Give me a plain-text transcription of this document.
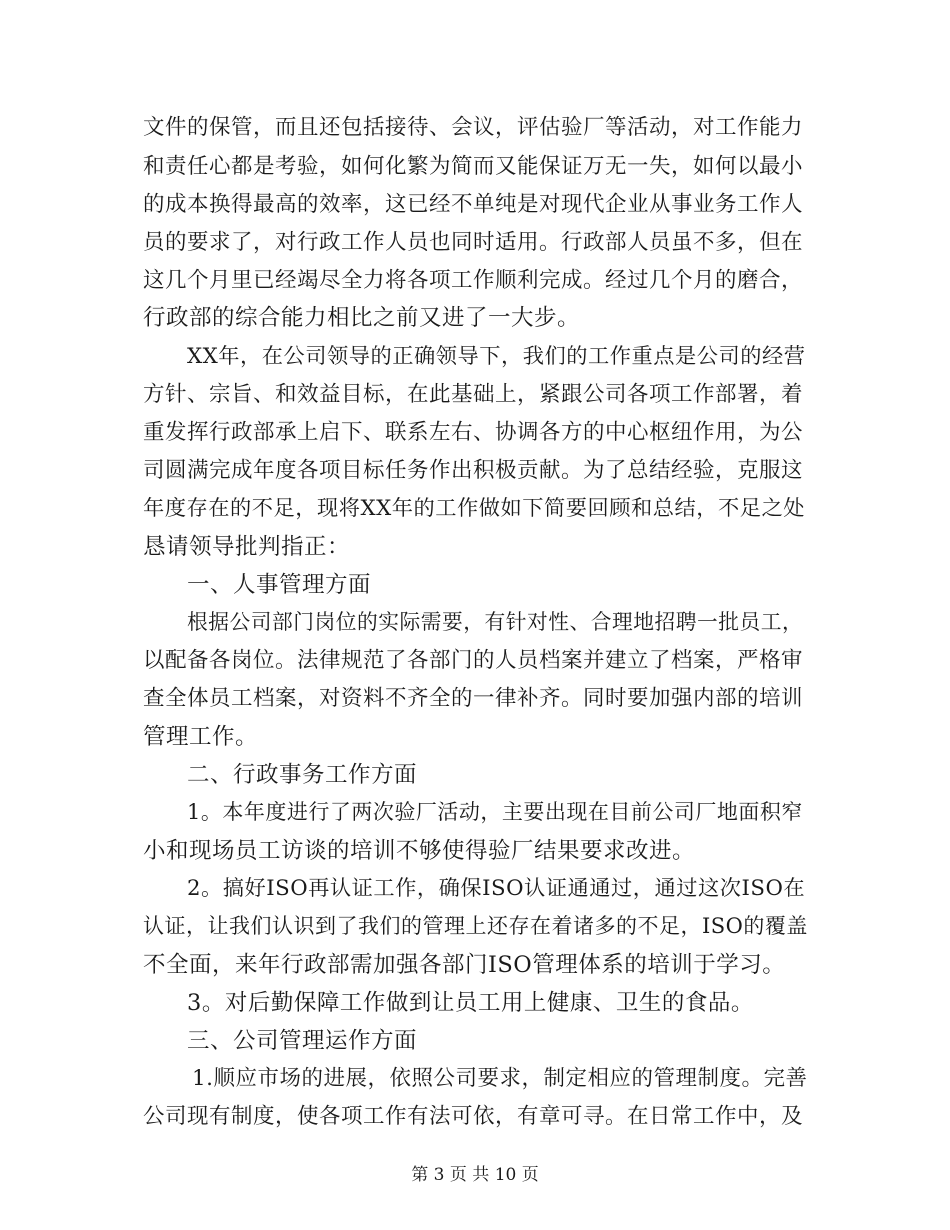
文件的保管，而且还包括接待、会议，评估验厂等活动，对工作能力
和责任心都是考验，如何化繁为简而又能保证万无一失，如何以最小
的成本换得最高的效率，这已经不单纯是对现代企业从事业务工作人
员的要求了，对行政工作人员也同时适用。行政部人员虽不多，但在
这几个月里已经竭尽全力将各项工作顺利完成。经过几个月的磨合，
行政部的综合能力相比之前又进了一大步。
XX年，在公司领导的正确领导下，我们的工作重点是公司的经营
方针、宗旨、和效益目标，在此基础上，紧跟公司各项工作部署，着
重发挥行政部承上启下、联系左右、协调各方的中心枢纽作用，为公
司圆满完成年度各项目标任务作出积极贡献。为了总结经验，克服这
年度存在的不足，现将XX年的工作做如下简要回顾和总结，不足之处
恳请领导批判指正：
一、人事管理方面
根据公司部门岗位的实际需要，有针对性、合理地招聘一批员工，
以配备各岗位。法律规范了各部门的人员档案并建立了档案，严格审
查全体员工档案，对资料不齐全的一律补齐。同时要加强内部的培训
管理工作。
二、行政事务工作方面
1。本年度进行了两次验厂活动，主要出现在目前公司厂地面积窄
小和现场员工访谈的培训不够使得验厂结果要求改进。
2。搞好ISO再认证工作，确保ISO认证通通过，通过这次ISO在
认证，让我们认识到了我们的管理上还存在着诸多的不足，ISO的覆盖
不全面，来年行政部需加强各部门ISO管理体系的培训于学习。
3。对后勤保障工作做到让员工用上健康、卫生的食品。
三、公司管理运作方面
1.顺应市场的进展，依照公司要求，制定相应的管理制度。完善
公司现有制度，使各项工作有法可依，有章可寻。在日常工作中，及
第 3 页 共 10 页
